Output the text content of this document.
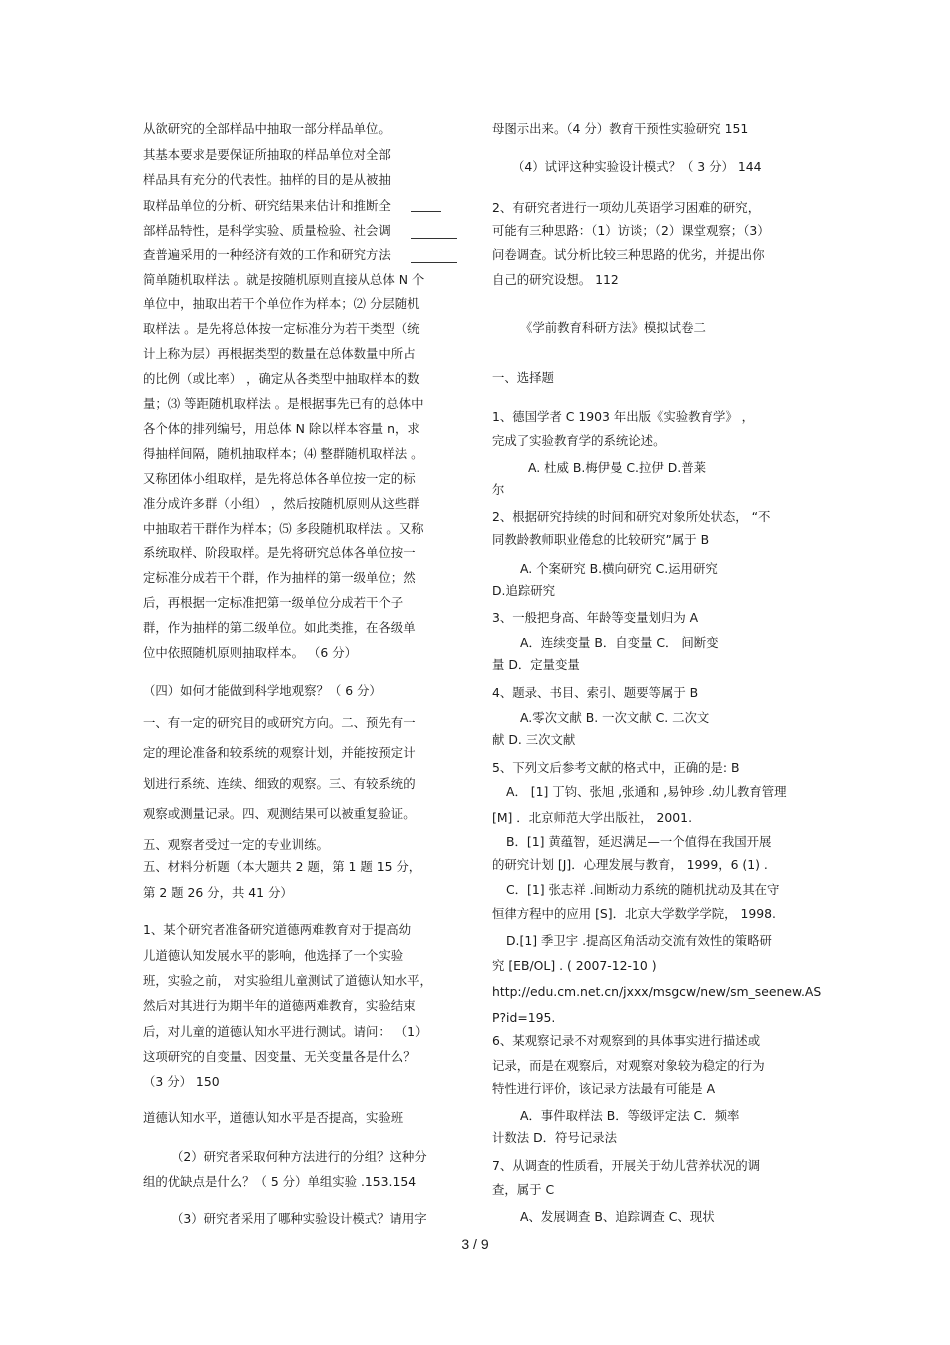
从欲研究的全部样品中抽取一部分样品单位。
其基本要求是要保证所抽取的样品单位对全部
样品具有充分的代表性。抽样的目的是从被抽
取样品单位的分析、研究结果来估计和推断全
部样品特性，是科学实验、质量检验、社会调
查普遍采用的一种经济有效的工作和研究方法
简单随机取样法 。就是按随机原则直接从总体 N 个
单位中，抽取出若干个单位作为样本；⑵ 分层随机
取样法 。是先将总体按一定标准分为若干类型（统
计上称为层）再根据类型的数量在总体数量中所占
的比例（或比率） ，确定从各类型中抽取样本的数
量；⑶ 等距随机取样法 。是根据事先已有的总体中
各个体的排列编号，用总体 N 除以样本容量 n，求
得抽样间隔，随机抽取样本；⑷ 整群随机取样法 。
又称团体小组取样，是先将总体各单位按一定的标
准分成许多群（小组） ，然后按随机原则从这些群
中抽取若干群作为样本；⑸ 多段随机取样法 。又称
系统取样、阶段取样。是先将研究总体各单位按一
定标准分成若干个群，作为抽样的第一级单位；然
后，再根据一定标准把第一级单位分成若干个子
群，作为抽样的第二级单位。如此类推，在各级单
位中依照随机原则抽取样本。 （6 分）
（四）如何才能做到科学地观察？（ 6 分）
一、有一定的研究目的或研究方向。二、预先有一
定的理论准备和较系统的观察计划，并能按预定计
划进行系统、连续、细致的观察。三、有较系统的
观察或测量记录。四、观测结果可以被重复验证。
五、观察者受过一定的专业训练。
五、材料分析题（本大题共 2 题，第 1 题 15 分，
第 2 题 26 分，共 41 分）
1、某个研究者准备研究道德两难教育对于提高幼
儿道德认知发展水平的影响，他选择了一个实验
班，实验之前， 对实验组儿童测试了道德认知水平，
然后对其进行为期半年的道德两难教育，实验结束
后，对儿童的道德认知水平进行测试。请问： （1）
这项研究的自变量、因变量、无关变量各是什么？
（3 分） 150
道德认知水平，道德认知水平是否提高，实验班
（2）研究者采取何种方法进行的分组？这种分
组的优缺点是什么？（ 5 分）单组实验 .153.154
（3）研究者采用了哪种实验设计模式？请用字
母图示出来。（4 分）教育干预性实验研究 151
（4）试评这种实验设计模式？（ 3 分） 144
2、有研究者进行一项幼儿英语学习困难的研究，
可能有三种思路：（1）访谈；（2）课堂观察；（3）
问卷调查。试分析比较三种思路的优劣，并提出你
自己的研究设想。 112
《学前教育科研方法》模拟试卷二
一、选择题
1、德国学者 C 1903 年出版《实验教育学》 ，
完成了实验教育学的系统论述。
A. 杜威 B.梅伊曼 C.拉伊 D.普莱
尔
2、根据研究持续的时间和研究对象所处状态， “不
同教龄教师职业倦怠的比较研究”属于 B
A. 个案研究 B.横向研究 C.运用研究
D.追踪研究
3、一般把身高、年龄等变量划归为 A
A．连续变量 B．自变量 C． 间断变
量 D．定量变量
4、题录、书目、索引、题要等属于 B
A.零次文献 B. 一次文献 C. 二次文
献 D. 三次文献
5、下列文后参考文献的格式中，正确的是: B
A． [1] 丁钧、张旭 ,张通和 ,易钟珍 .幼儿教育管理
[M] ．北京师范大学出版社， 2001.
B．[1] 黄蕴智，延迟满足—一个值得在我国开展
的研究计划 [J]．心理发展与教育， 1999，6 (1) .
C．[1] 张志祥 .间断动力系统的随机扰动及其在守
恒律方程中的应用 [S]．北京大学数学学院， 1998.
D.[1] 季卫宇 .提高区角活动交流有效性的策略研
究 [EB/OL] . ( 2007-12-10 )
http://edu.cm.net.cn/jxxx/msgcw/new/sm_seenew.AS
P?id=195.
6、某观察记录不对观察到的具体事实进行描述或
记录，而是在观察后，对观察对象较为稳定的行为
特性进行评价，该记录方法最有可能是 A
A．事件取样法 B．等级评定法 C．频率
计数法 D．符号记录法
7、从调查的性质看，开展关于幼儿营养状况的调
查，属于 C
A、发展调查 B、追踪调查 C、现状
3 / 9
